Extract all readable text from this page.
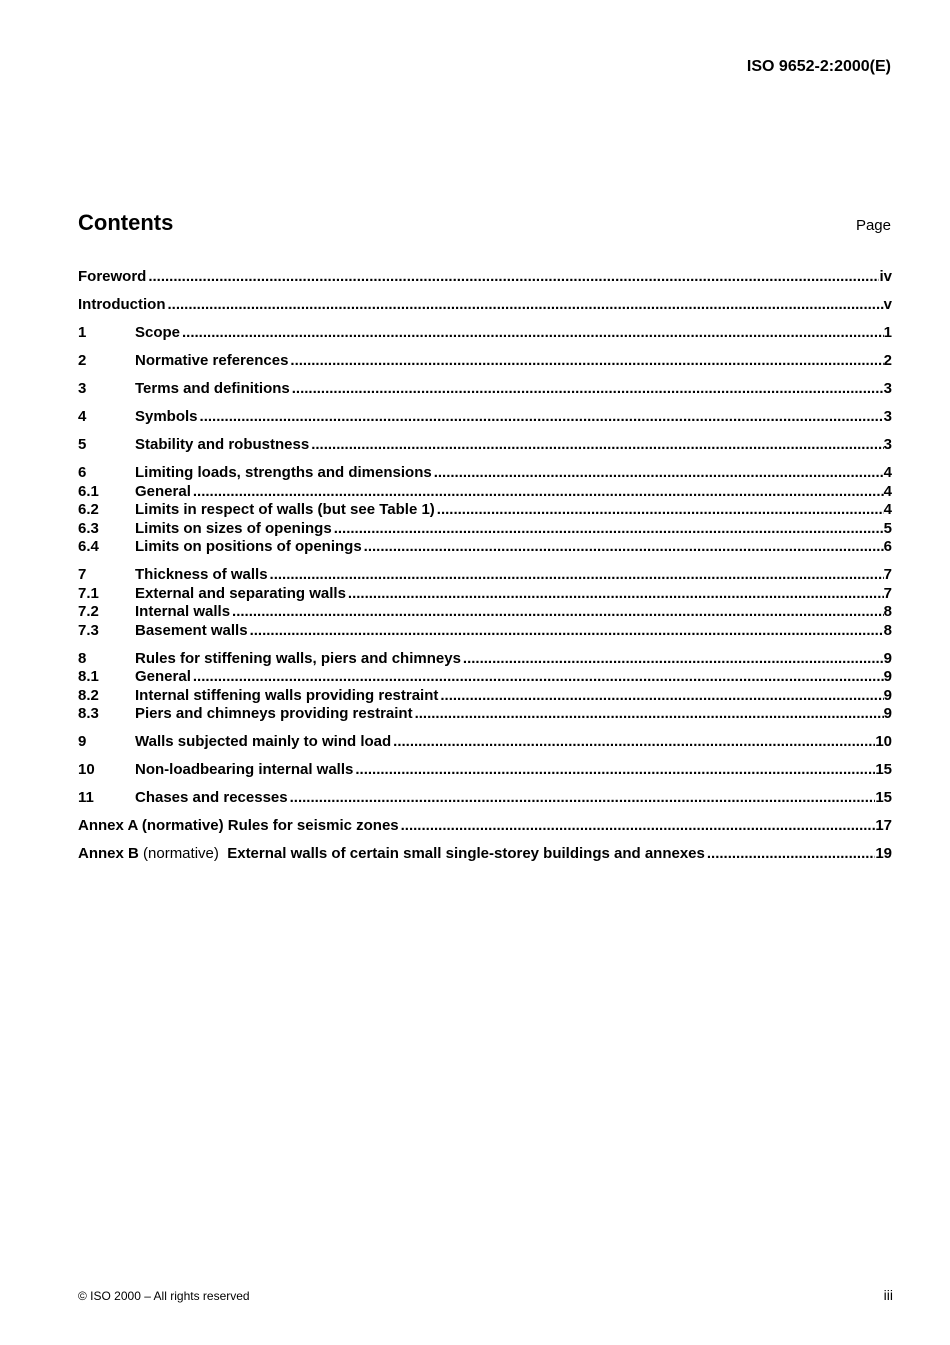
ISO 9652-2:2000(E)
Contents	Page
Foreword .....	iv
Introduction .....	v
1	Scope .....	1
2	Normative references .....	2
3	Terms and definitions .....	3
4	Symbols .....	3
5	Stability and robustness .....	3
6	Limiting loads, strengths and dimensions .....	4
6.1	General .....	4
6.2	Limits in respect of walls (but see Table 1) .....	4
6.3	Limits on sizes of openings .....	5
6.4	Limits on positions of openings .....	6
7	Thickness of walls .....	7
7.1	External and separating walls .....	7
7.2	Internal walls .....	8
7.3	Basement walls .....	8
8	Rules for stiffening walls, piers and chimneys .....	9
8.1	General .....	9
8.2	Internal stiffening walls providing restraint .....	9
8.3	Piers and chimneys providing restraint .....	9
9	Walls subjected mainly to wind load .....	10
10	Non-loadbearing internal walls .....	15
11	Chases and recesses .....	15
Annex A (normative) Rules for seismic zones .....	17
Annex B (normative) External walls of certain small single-storey buildings and annexes .....	19
© ISO 2000 – All rights reserved	iii
